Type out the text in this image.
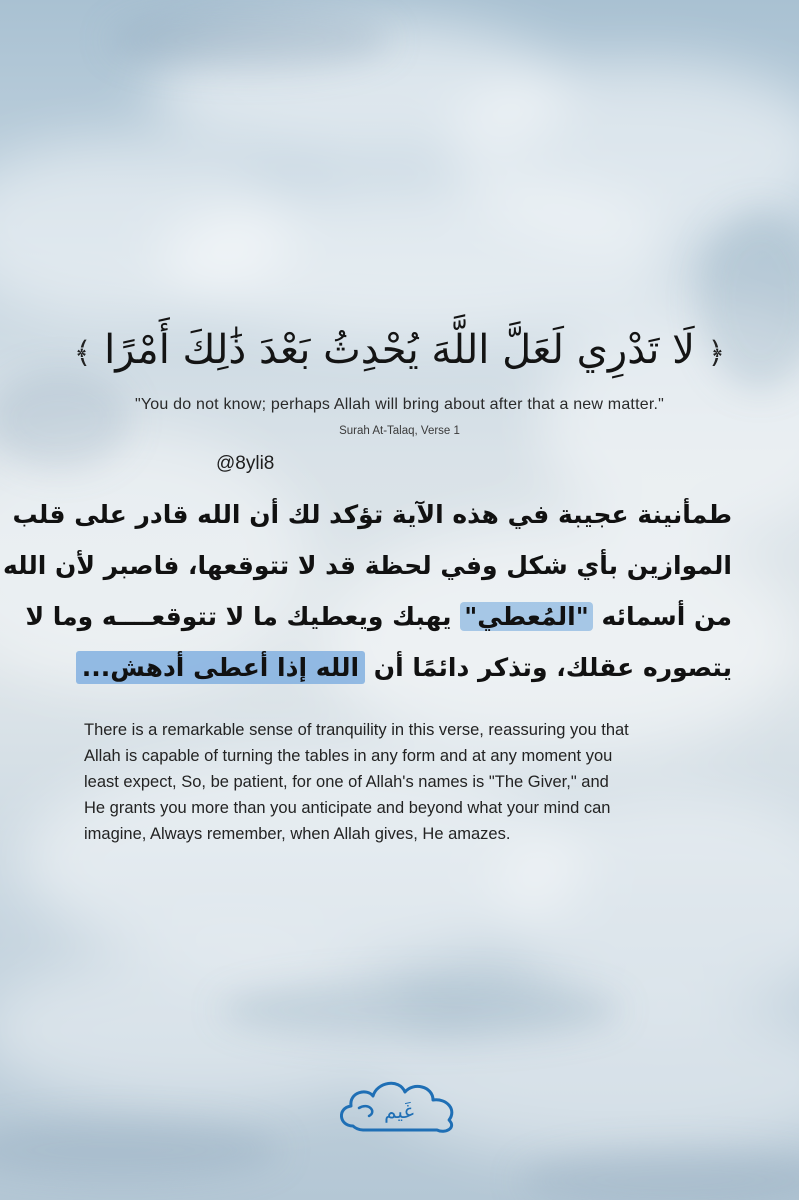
﴿ لَا تَدْرِي لَعَلَّ اللَّهَ يُحْدِثُ بَعْدَ ذَٰلِكَ أَمْرًا ﴾
"You do not know; perhaps Allah will bring about after that a new matter."
Surah At-Talaq, Verse 1
@8yli8
طمأنينة عجيبة في هذه الآية تؤكد لك أن الله قادر على قلب
الموازين بأي شكل وفي لحظة قد لا تتوقعها، فاصبر لأن الله
من أسمائه "المُعطي" يهبك ويعطيك ما لا تتوقعــــه وما لا
يتصوره عقلك، وتذكر دائمًا أن الله إذا أعطى أدهش...
There is a remarkable sense of tranquility in this verse, reassuring you that
Allah is capable of turning the tables in any form and at any moment you
least expect, So, be patient, for one of Allah's names is "The Giver," and
He grants you more than you anticipate and beyond what your mind can
imagine, Always remember, when Allah gives, He amazes.
غَيم
